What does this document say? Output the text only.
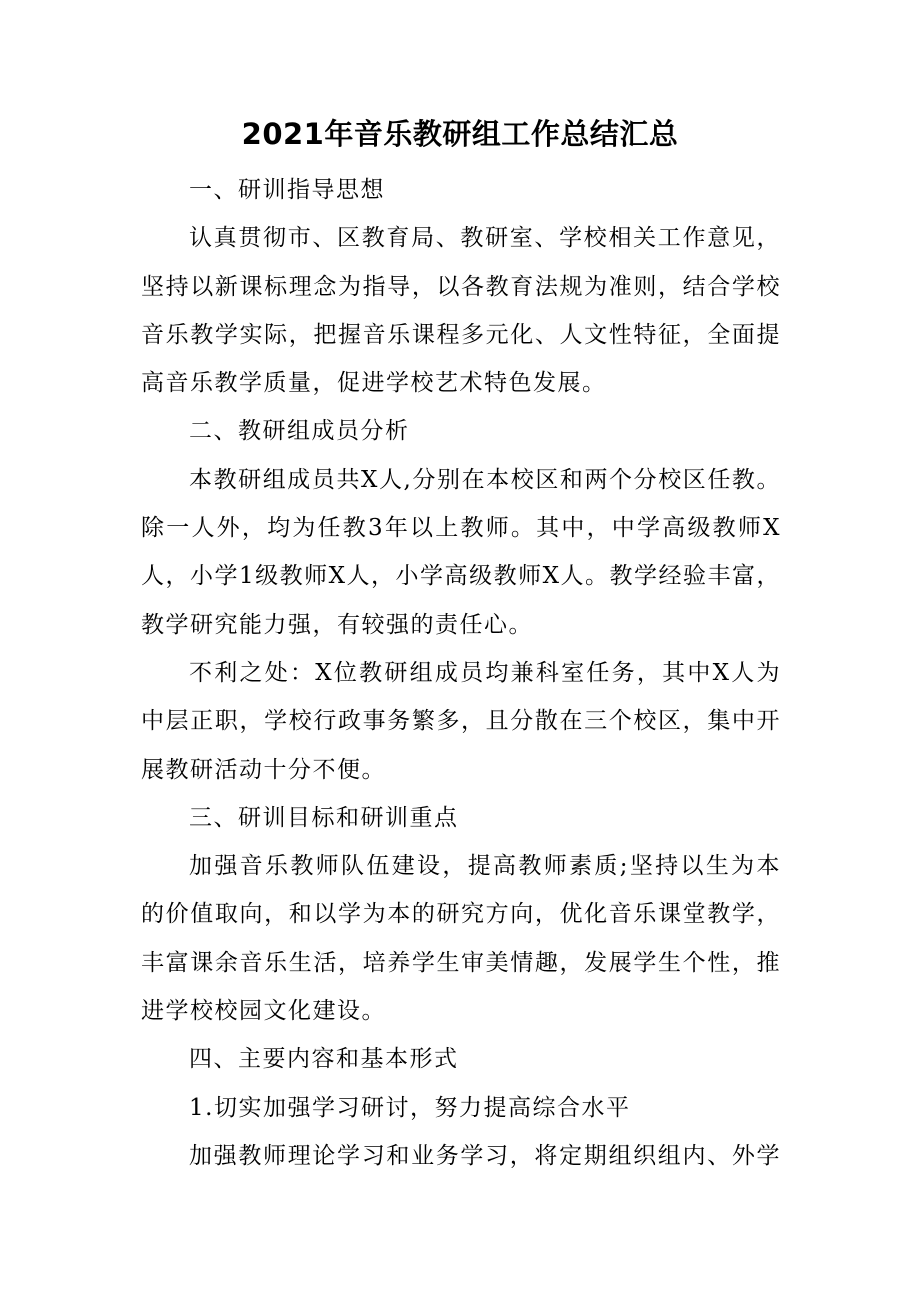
2021年音乐教研组工作总结汇总
一、研训指导思想
认真贯彻市、区教育局、教研室、学校相关工作意见，
坚持以新课标理念为指导，以各教育法规为准则，结合学校
音乐教学实际，把握音乐课程多元化、人文性特征，全面提
高音乐教学质量，促进学校艺术特色发展。
二、教研组成员分析
本教研组成员共X人,分别在本校区和两个分校区任教。
除一人外，均为任教3年以上教师。其中，中学高级教师X
人，小学1级教师X人，小学高级教师X人。教学经验丰富，
教学研究能力强，有较强的责任心。
不利之处：X位教研组成员均兼科室任务，其中X人为
中层正职，学校行政事务繁多，且分散在三个校区，集中开
展教研活动十分不便。
三、研训目标和研训重点
加强音乐教师队伍建设，提高教师素质;坚持以生为本
的价值取向，和以学为本的研究方向，优化音乐课堂教学，
丰富课余音乐生活，培养学生审美情趣，发展学生个性，推
进学校校园文化建设。
四、主要内容和基本形式
1.切实加强学习研讨，努力提高综合水平
加强教师理论学习和业务学习，将定期组织组内、外学
